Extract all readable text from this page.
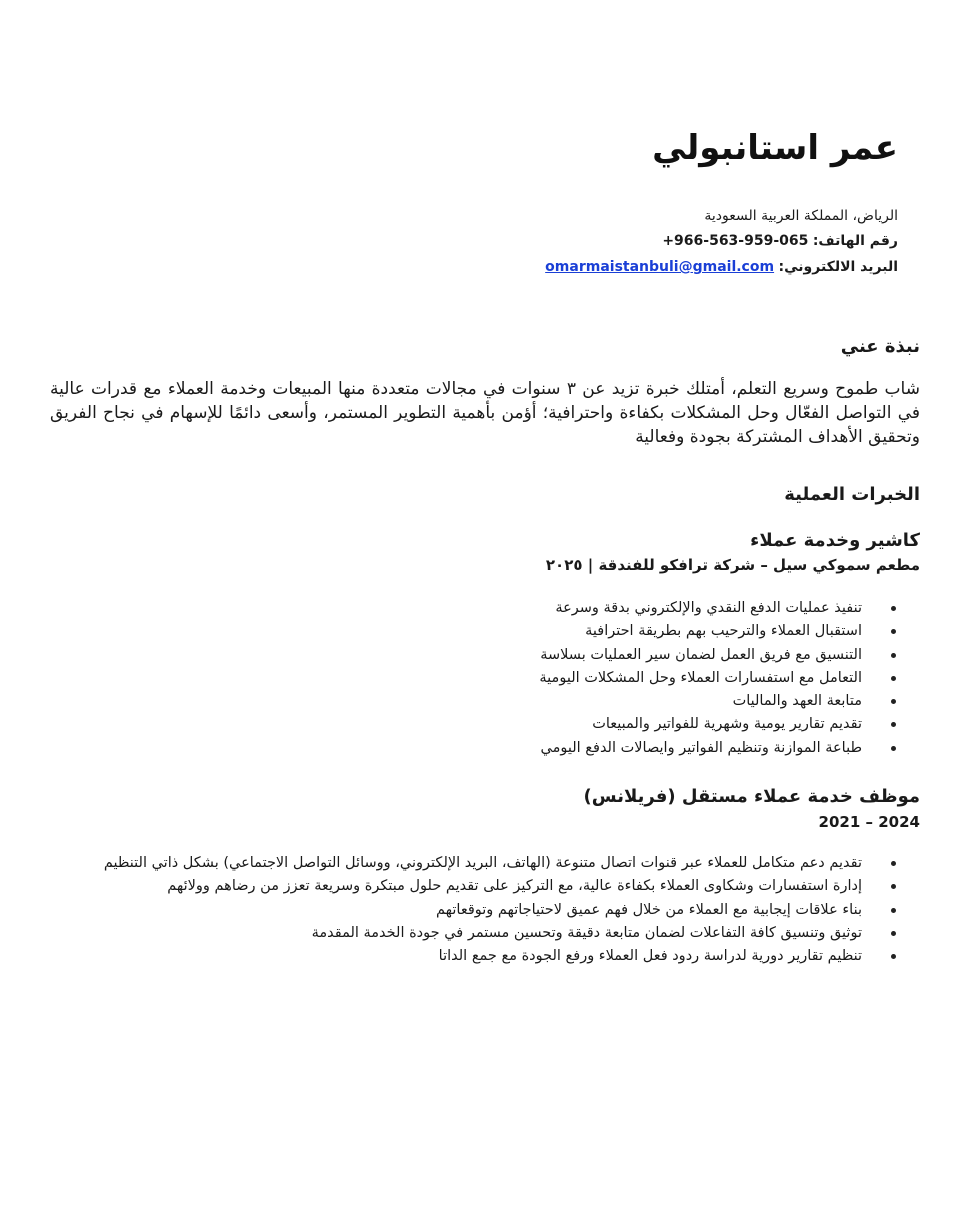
عمر استانبولي
الرياض، المملكة العربية السعودية
رقم الهاتف: +966-563-959-065
البريد الالكتروني: omarmaistanbuli@gmail.com
نبذة عني

شاب طموح وسريع التعلم، أمتلك خبرة تزيد عن ٣ سنوات في مجالات متعددة منها المبيعات وخدمة العملاء مع قدرات عالية في التواصل الفعّال وحل المشكلات بكفاءة واحترافية؛ أؤمن بأهمية التطوير المستمر، وأسعى دائمًا للإسهام في نجاح الفريق وتحقيق الأهداف المشتركة بجودة وفعالية

الخبرات العملية
كاشير وخدمة عملاء
مطعم سموكي سيل – شركة ترافكو للفندقة | ٢٠٢٥
تنفيذ عمليات الدفع النقدي والإلكتروني بدقة وسرعة
استقبال العملاء والترحيب بهم بطريقة احترافية
التنسيق مع فريق العمل لضمان سير العمليات بسلاسة
التعامل مع استفسارات العملاء وحل المشكلات اليومية
متابعة العهد والماليات
تقديم تقارير يومية وشهرية للفواتير والمبيعات
طباعة الموازنة وتنظيم الفواتير وايصالات الدفع اليومي
موظف خدمة عملاء مستقل (فريلانس)
2021 – 2024
تقديم دعم متكامل للعملاء عبر قنوات اتصال متنوعة (الهاتف، البريد الإلكتروني، ووسائل التواصل الاجتماعي) بشكل ذاتي التنظيم
إدارة استفسارات وشكاوى العملاء بكفاءة عالية، مع التركيز على تقديم حلول مبتكرة وسريعة تعزز من رضاهم وولائهم
بناء علاقات إيجابية مع العملاء من خلال فهم عميق لاحتياجاتهم وتوقعاتهم
توثيق وتنسيق كافة التفاعلات لضمان متابعة دقيقة وتحسين مستمر في جودة الخدمة المقدمة
تنظيم تقارير دورية لدراسة ردود فعل العملاء ورفع الجودة مع جمع الداتا
